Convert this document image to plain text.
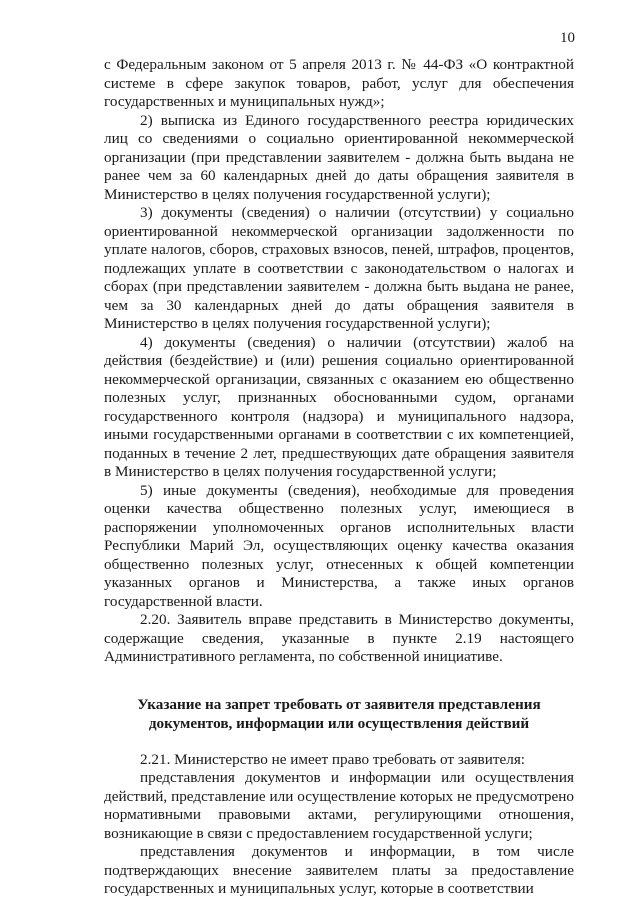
10

с Федеральным законом от 5 апреля 2013 г. № 44-ФЗ «О контрактной системе в сфере закупок товаров, работ, услуг для обеспечения государственных и муниципальных нужд»;

2) выписка из Единого государственного реестра юридических лиц со сведениями о социально ориентированной некоммерческой организации (при представлении заявителем - должна быть выдана не ранее чем за 60 календарных дней до даты обращения заявителя в Министерство в целях получения государственной услуги);

3) документы (сведения) о наличии (отсутствии) у социально ориентированной некоммерческой организации задолженности по уплате налогов, сборов, страховых взносов, пеней, штрафов, процентов, подлежащих уплате в соответствии с законодательством о налогах и сборах (при представлении заявителем - должна быть выдана не ранее, чем за 30 календарных дней до даты обращения заявителя в Министерство в целях получения государственной услуги);

4) документы (сведения) о наличии (отсутствии) жалоб на действия (бездействие) и (или) решения социально ориентированной некоммерческой организации, связанных с оказанием ею общественно полезных услуг, признанных обоснованными судом, органами государственного контроля (надзора) и муниципального надзора, иными государственными органами в соответствии с их компетенцией, поданных в течение 2 лет, предшествующих дате обращения заявителя в Министерство в целях получения государственной услуги;

5) иные документы (сведения), необходимые для проведения оценки качества общественно полезных услуг, имеющиеся в распоряжении уполномоченных органов исполнительных власти Республики Марий Эл, осуществляющих оценку качества оказания общественно полезных услуг, отнесенных к общей компетенции указанных органов и Министерства, а также иных органов государственной власти.

2.20. Заявитель вправе представить в Министерство документы, содержащие сведения, указанные в пункте 2.19 настоящего Административного регламента, по собственной инициативе.

Указание на запрет требовать от заявителя представления документов, информации или осуществления действий

2.21. Министерство не имеет право требовать от заявителя:

представления документов и информации или осуществления действий, представление или осуществление которых не предусмотрено нормативными правовыми актами, регулирующими отношения, возникающие в связи с предоставлением государственной услуги;

представления документов и информации, в том числе подтверждающих внесение заявителем платы за предоставление государственных и муниципальных услуг, которые в соответствии
